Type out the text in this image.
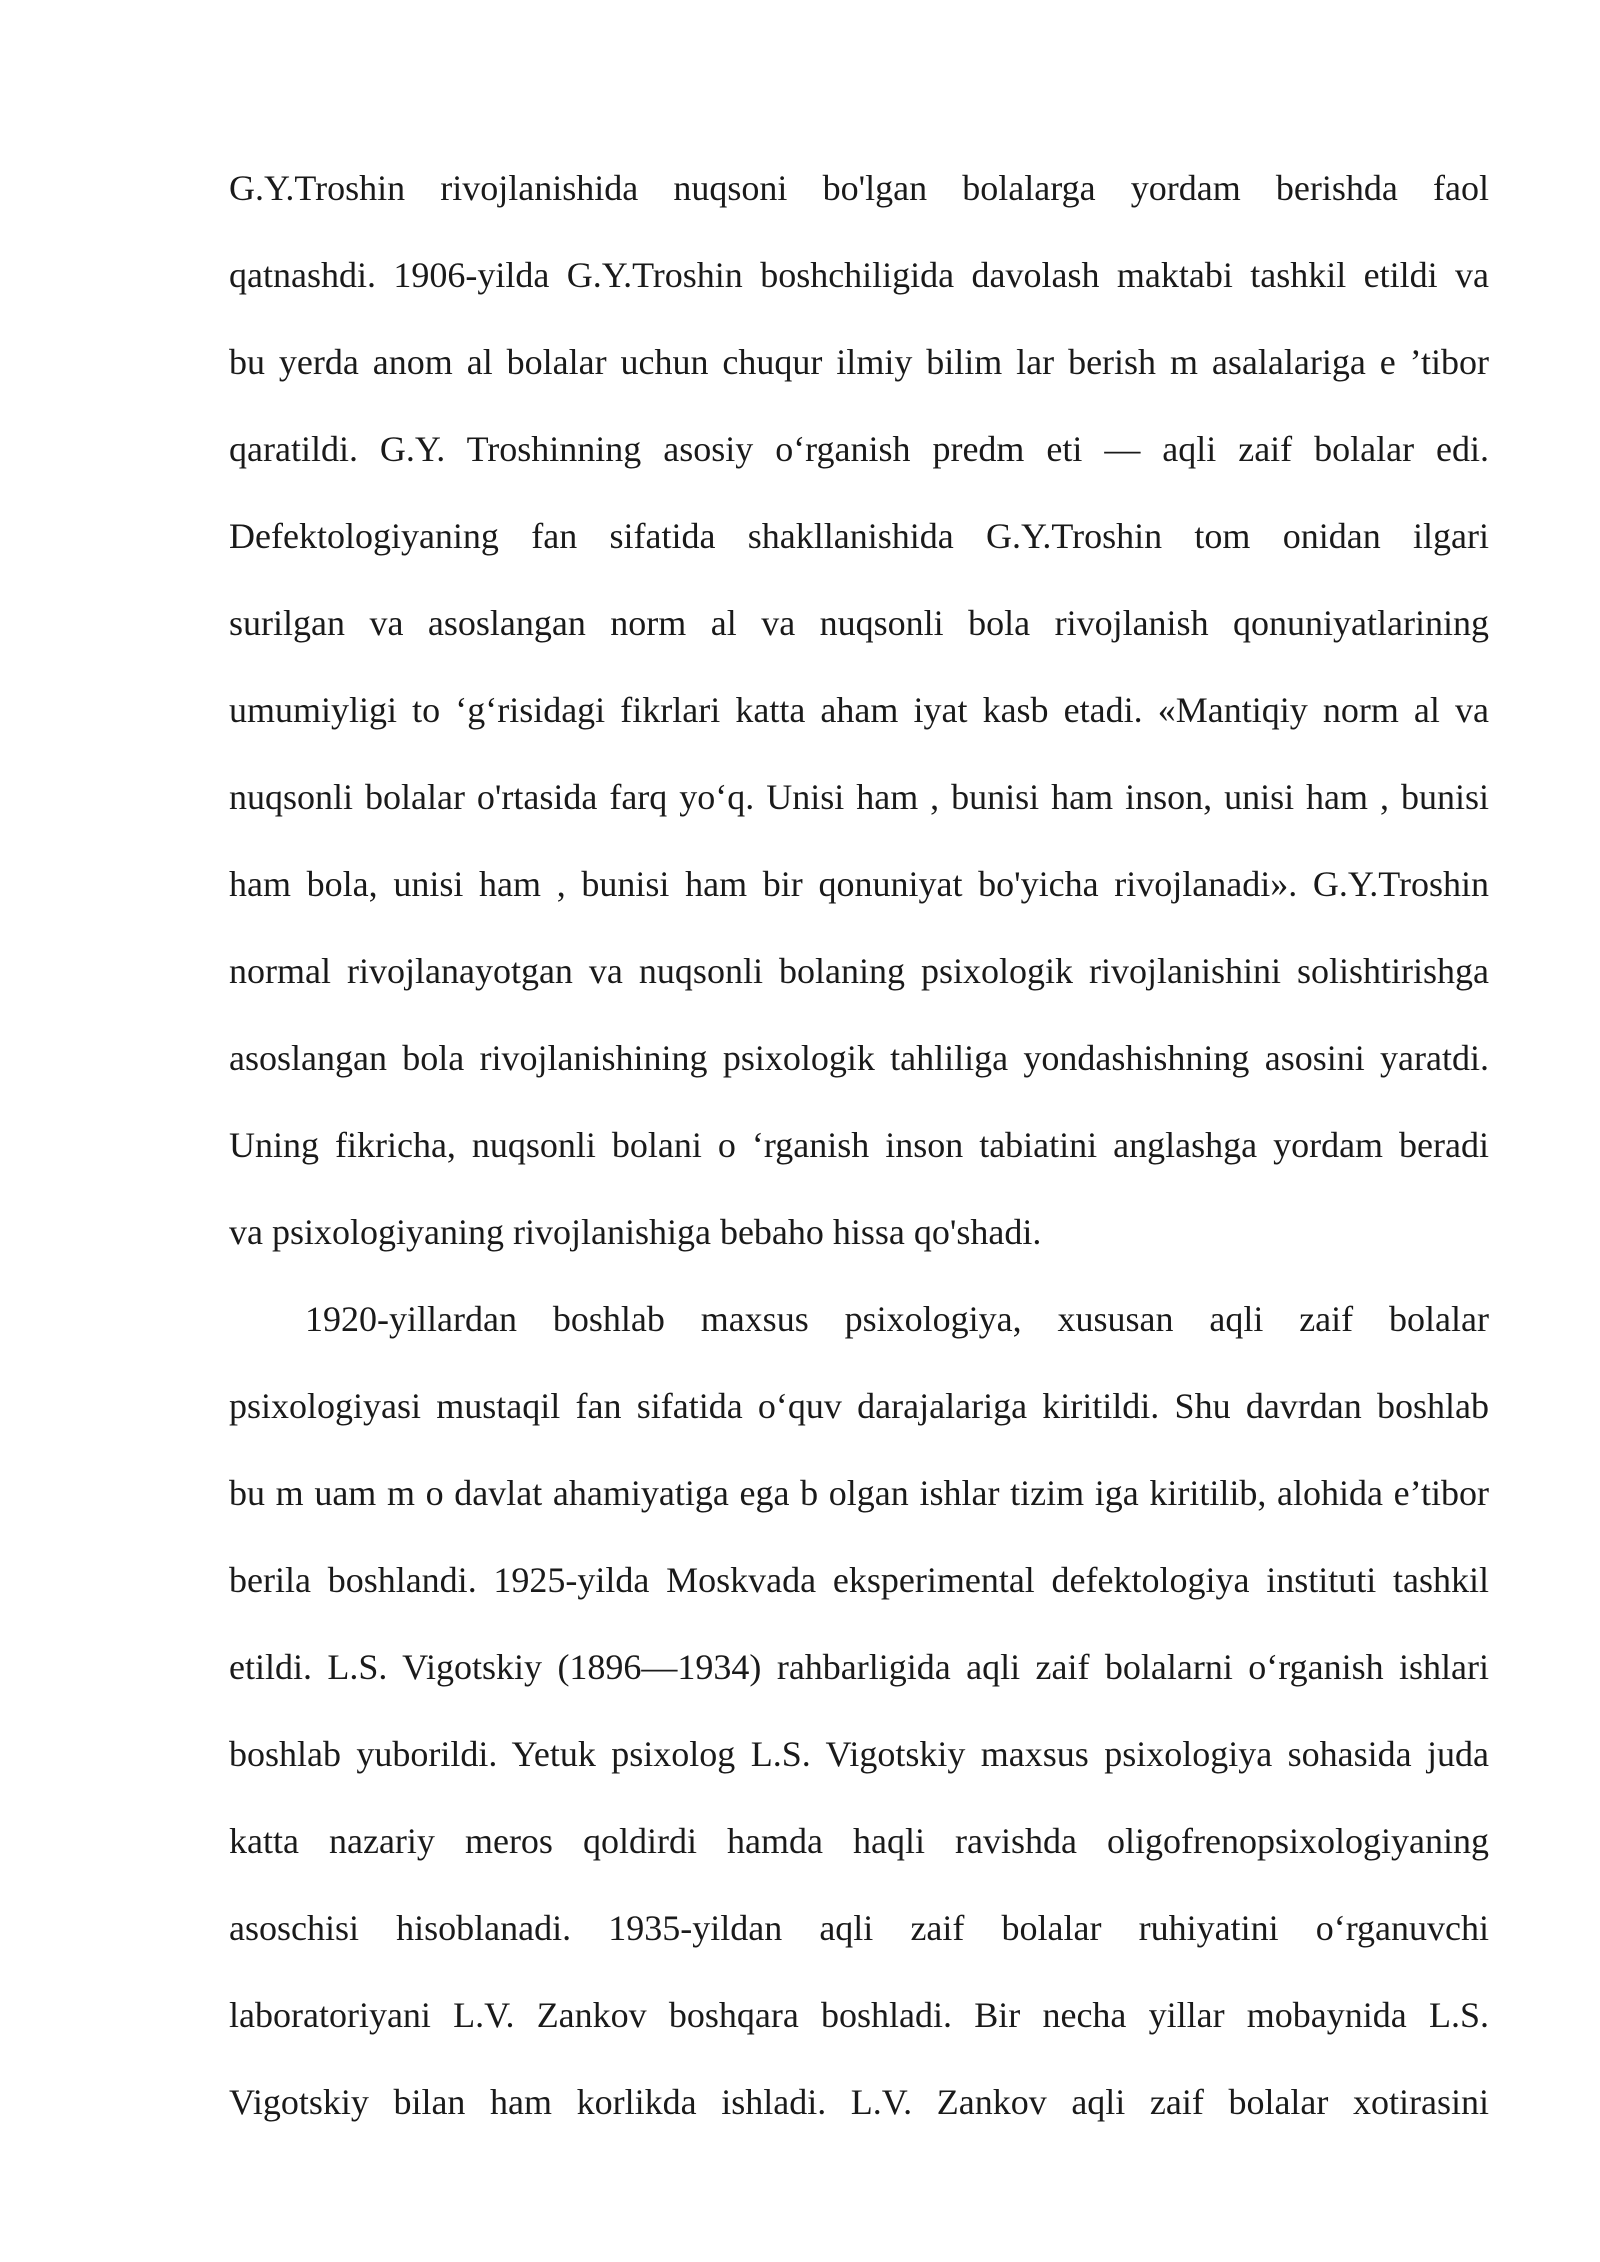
G.Y.Troshin rivojlanishida nuqsoni bo'lgan bolalarga yordam berishda faol
qatnashdi. 1906-yilda G.Y.Troshin boshchiligida davolash maktabi tashkil etildi va
bu yerda anom al bolalar uchun chuqur ilmiy bilim lar berish m asalalariga e ’tibor
qaratildi. G.Y. Troshinning asosiy o‘rganish predm eti — aqli zaif bolalar edi.
Defektologiyaning fan sifatida shakllanishida G.Y.Troshin tom onidan ilgari
surilgan va asoslangan norm al va nuqsonli bola rivojlanish qonuniyatlarining
umumiyligi to ‘g‘risidagi fikrlari katta aham iyat kasb etadi. «Mantiqiy norm al va
nuqsonli bolalar o'rtasida farq yo‘q. Unisi ham , bunisi ham inson, unisi ham , bunisi
ham bola, unisi ham , bunisi ham bir qonuniyat bo'yicha rivojlanadi». G.Y.Troshin
normal rivojlanayotgan va nuqsonli bolaning psixologik rivojlanishini solishtirishga
asoslangan bola rivojlanishining psixologik tahliliga yondashishning asosini yaratdi.
Uning fikricha, nuqsonli bolani o ‘rganish inson tabiatini anglashga yordam beradi
va psixologiyaning rivojlanishiga bebaho hissa qo'shadi.
1920-yillardan boshlab maxsus psixologiya, xususan aqli zaif bolalar
psixologiyasi mustaqil fan sifatida o‘quv darajalariga kiritildi. Shu davrdan boshlab
bu m uam m o davlat ahamiyatiga ega b olgan ishlar tizim iga kiritilib, alohida e’tibor
berila boshlandi. 1925-yilda Moskvada eksperimental defektologiya instituti tashkil
etildi. L.S. Vigotskiy (1896—1934) rahbarligida aqli zaif bolalarni o‘rganish ishlari
boshlab yuborildi. Yetuk psixolog L.S. Vigotskiy maxsus psixologiya sohasida juda
katta nazariy meros qoldirdi hamda haqli ravishda oligofrenopsixologiyaning
asoschisi hisoblanadi. 1935-yildan aqli zaif bolalar ruhiyatini o‘rganuvchi
laboratoriyani L.V. Zankov boshqara boshladi. Bir necha yillar mobaynida L.S.
Vigotskiy bilan ham korlikda ishladi. L.V. Zankov aqli zaif bolalar xotirasini
